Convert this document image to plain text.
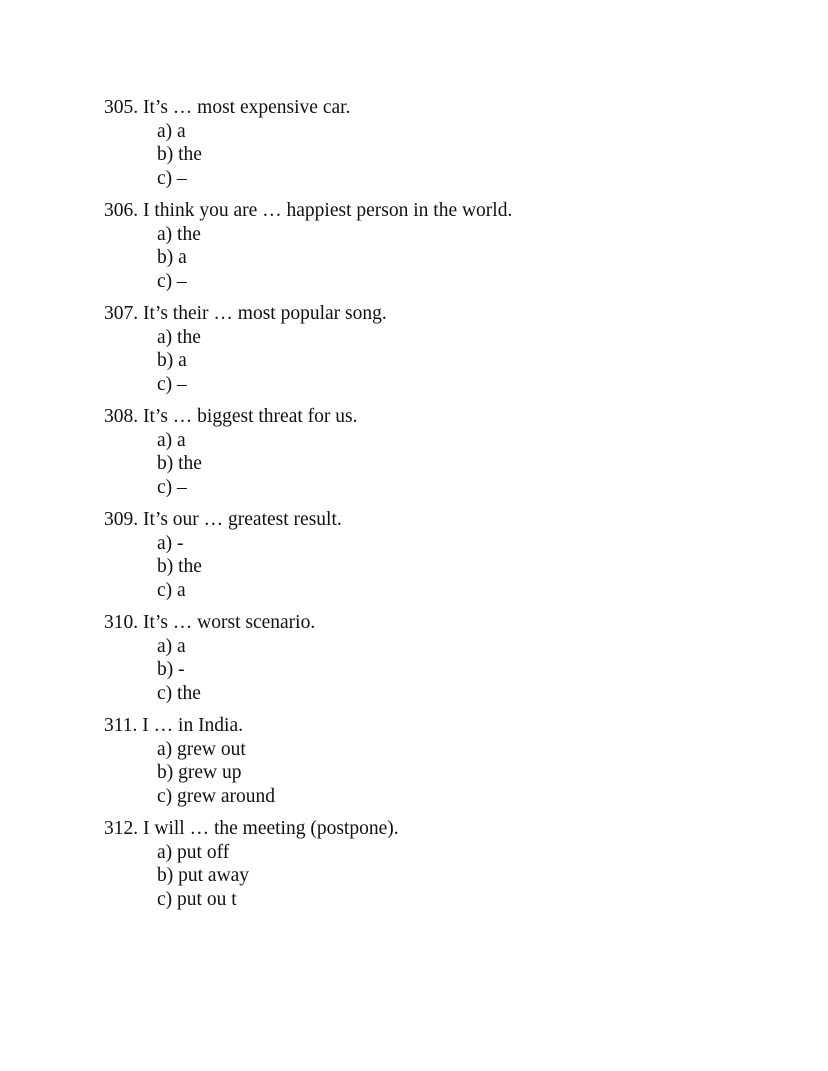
305. It’s … most expensive car.
a) a
b) the
c) –
306. I think you are … happiest person in the world.
a) the
b) a
c) –
307. It’s their … most popular song.
a) the
b) a
c) –
308. It’s … biggest threat for us.
a) a
b) the
c) –
309. It’s our … greatest result.
a) -
b) the
c) a
310. It’s … worst scenario.
a) a
b) -
c) the
311. I … in India.
a) grew out
b) grew up
c) grew around
312. I will … the meeting (postpone).
a) put off
b) put away
c) put ou t
